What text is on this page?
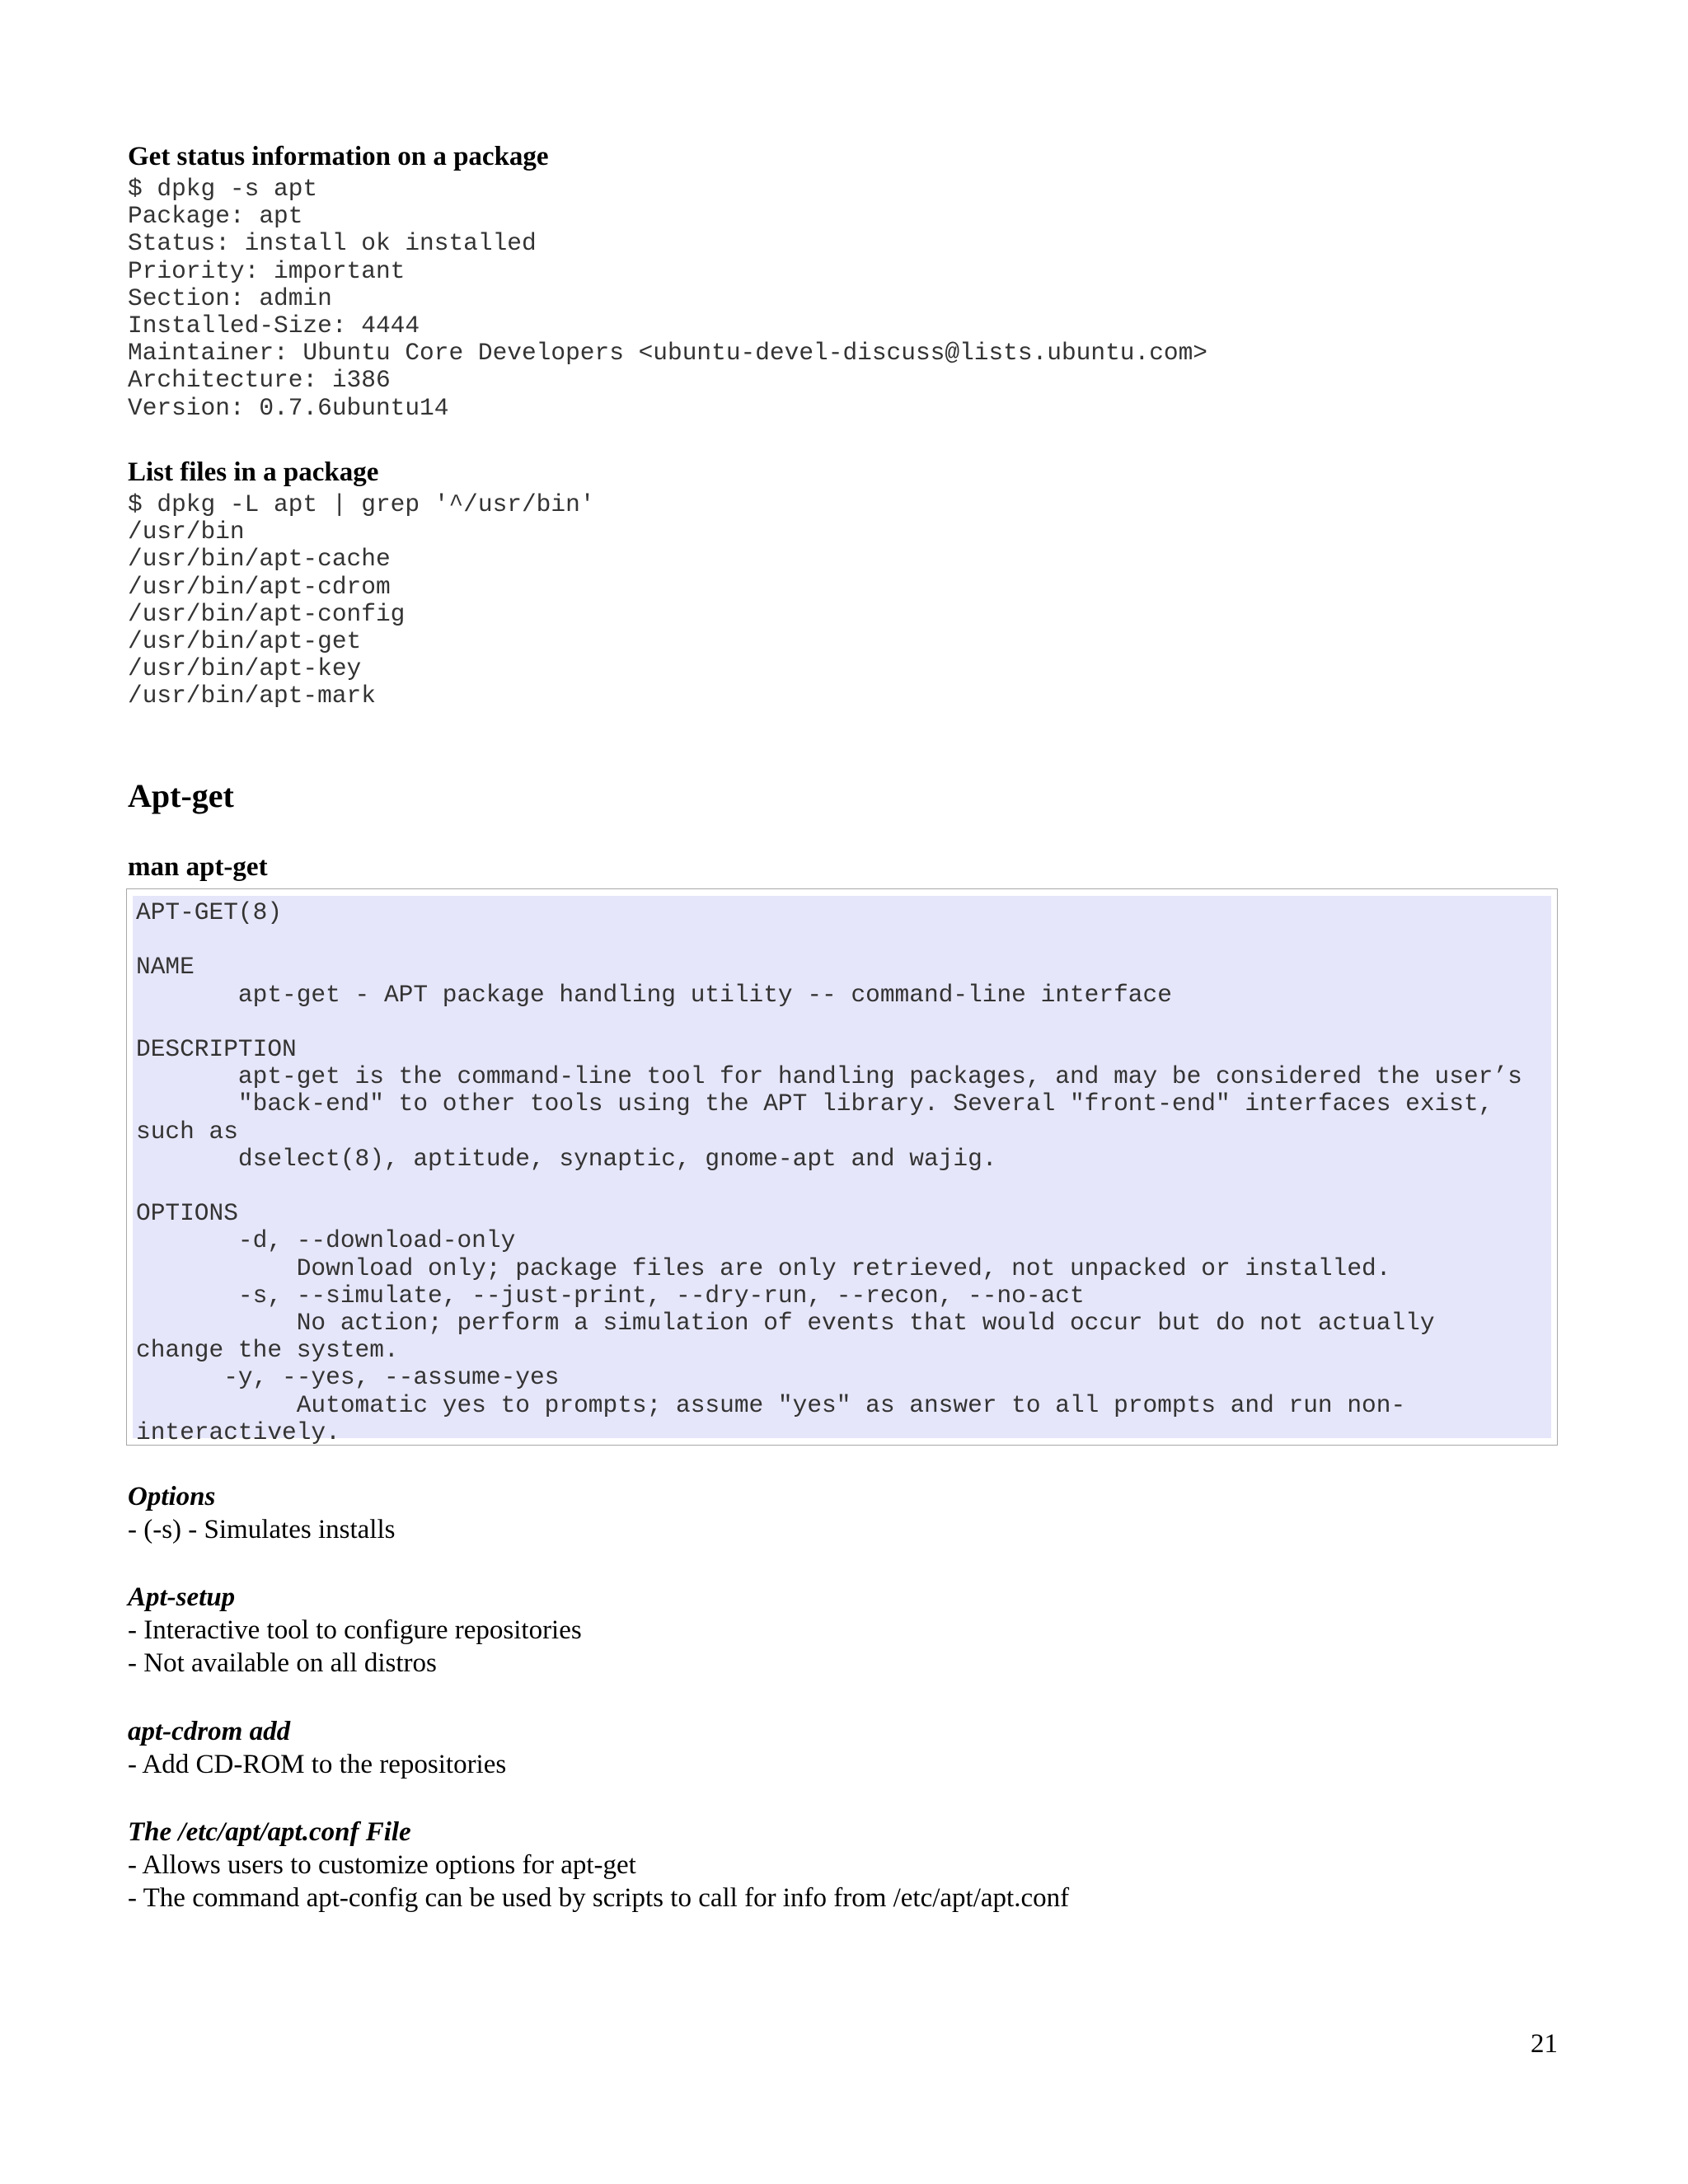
Get status information on a package
$ dpkg -s apt
Package: apt
Status: install ok installed
Priority: important
Section: admin
Installed-Size: 4444
Maintainer: Ubuntu Core Developers <ubuntu-devel-discuss@lists.ubuntu.com>
Architecture: i386
Version: 0.7.6ubuntu14
List files in a package
$ dpkg -L apt | grep '^/usr/bin'
/usr/bin
/usr/bin/apt-cache
/usr/bin/apt-cdrom
/usr/bin/apt-config
/usr/bin/apt-get
/usr/bin/apt-key
/usr/bin/apt-mark
Apt-get
man apt-get
APT-GET(8)

NAME
apt-get - APT package handling utility -- command-line interface

DESCRIPTION
apt-get is the command-line tool for handling packages, and may be considered the user’s
"back-end" to other tools using the APT library. Several "front-end" interfaces exist,
such as
dselect(8), aptitude, synaptic, gnome-apt and wajig.

OPTIONS
-d, --download-only
Download only; package files are only retrieved, not unpacked or installed.
-s, --simulate, --just-print, --dry-run, --recon, --no-act
No action; perform a simulation of events that would occur but do not actually
change the system.
-y, --yes, --assume-yes
Automatic yes to prompts; assume "yes" as answer to all prompts and run non-
interactively.
Options

- (-s) - Simulates installs

Apt-setup

- Interactive tool to configure repositories

- Not available on all distros

apt-cdrom add

- Add CD-ROM to the repositories

The /etc/apt/apt.conf File

- Allows users to customize options for apt-get

- The command apt-config can be used by scripts to call for info from /etc/apt/apt.conf

21
